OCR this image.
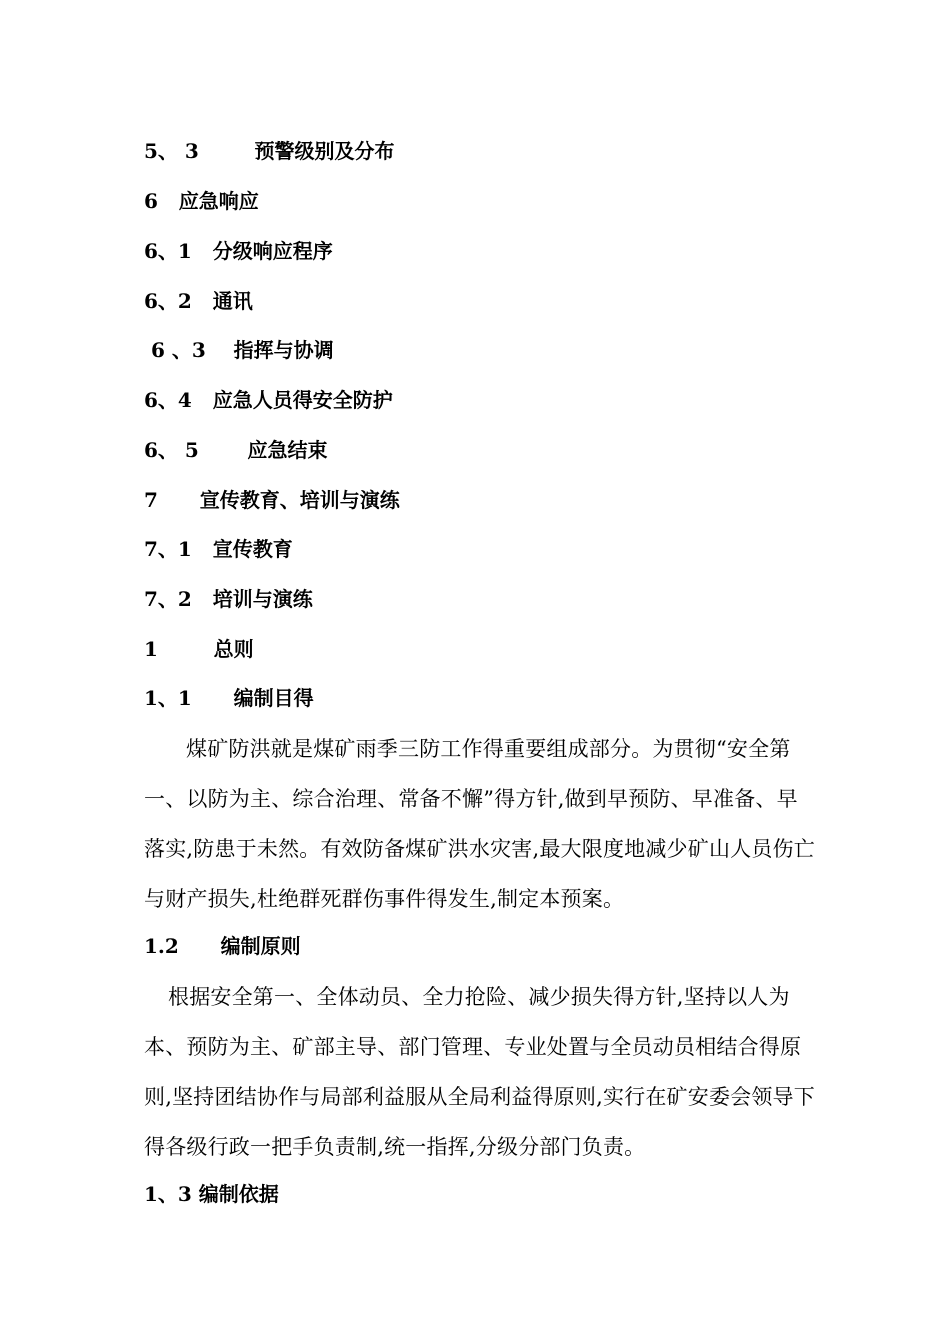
5、 3        预警级别及分布
6   应急响应
6、1   分级响应程序
6、2   通讯
6 、3    指挥与协调
6、4   应急人员得安全防护
6、 5       应急结束
7      宣传教育、培训与演练
7、1   宣传教育
7、2   培训与演练
1        总则
1、1      编制目得
煤矿防洪就是煤矿雨季三防工作得重要组成部分。为贯彻“安全第一、以防为主、综合治理、常备不懈”得方针,做到早预防、早准备、早落实,防患于未然。有效防备煤矿洪水灾害,最大限度地减少矿山人员伤亡与财产损失,杜绝群死群伤事件得发生,制定本预案。
1.2      编制原则
根据安全第一、全体动员、全力抢险、减少损失得方针,坚持以人为本、预防为主、矿部主导、部门管理、专业处置与全员动员相结合得原则,坚持团结协作与局部利益服从全局利益得原则,实行在矿安委会领导下得各级行政一把手负责制,统一指挥,分级分部门负责。
1、3 编制依据
